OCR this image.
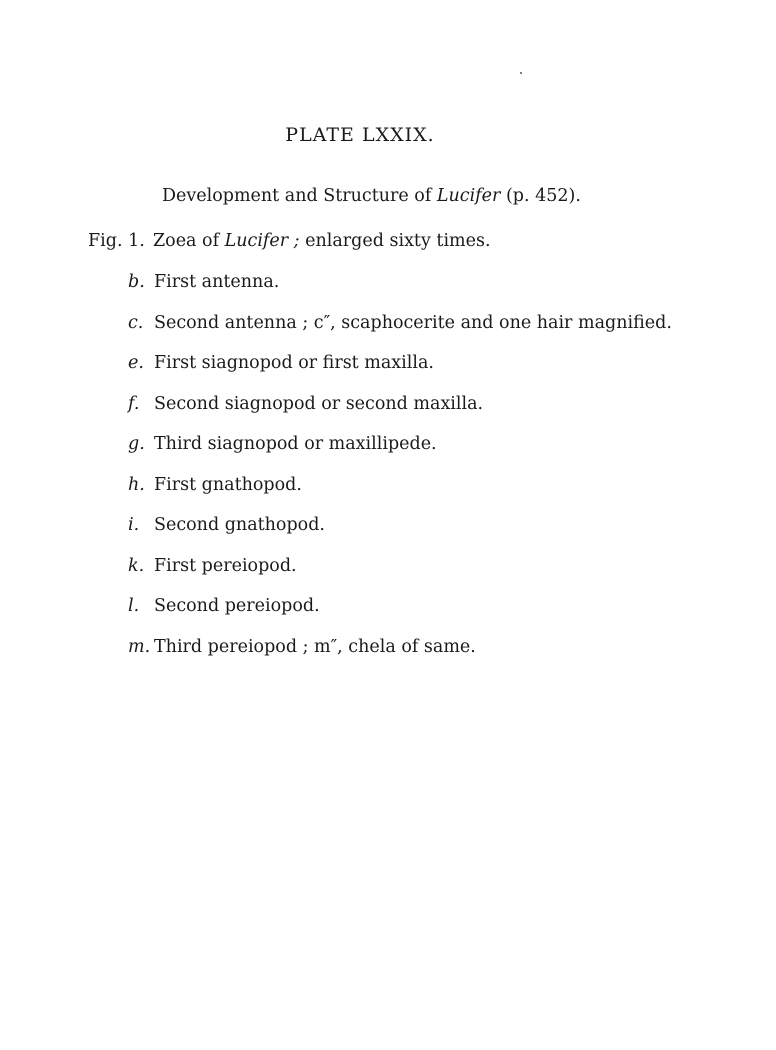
PLATE LXXIX.
Development and Structure of Lucifer (p. 452).
Fig. 1. Zoea of Lucifer ; enlarged sixty times.
b. First antenna.
c. Second antenna ; c″, scaphocerite and one hair magnified.
e. First siagnopod or first maxilla.
f. Second siagnopod or second maxilla.
g. Third siagnopod or maxillipede.
h. First gnathopod.
i. Second gnathopod.
k. First pereiopod.
l. Second pereiopod.
m. Third pereiopod ; m″, chela of same.
